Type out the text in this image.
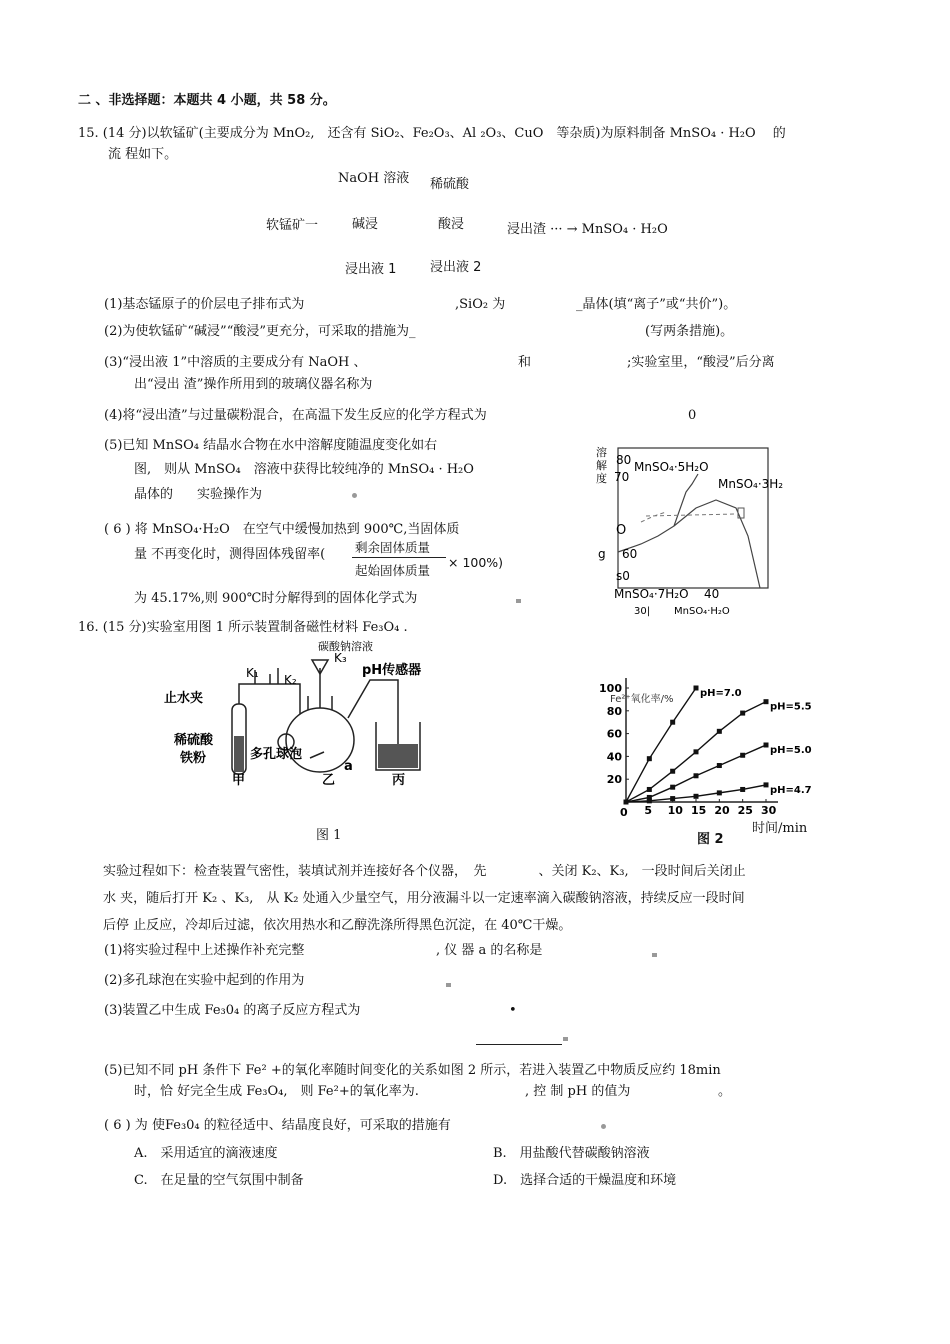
二 、非选择题：本题共 4 小题，共 58 分。
15. (14 分)以软锰矿(主要成分为 MnO₂,　还含有 SiO₂、Fe₂O₃、Al ₂O₃、CuO　等杂质)为原料制备 MnSO₄ · H₂O　 的
流 程如下。
NaOH 溶液 稀硫酸
软锰矿一	碱浸	酸浸	浸出渣 ··· → MnSO₄ · H₂O
浸出液 1	浸出液 2
(1)基态锰原子的价层电子排布式为	,SiO₂ 为	_晶体(填“离子”或“共价”)。
(2)为使软锰矿“碱浸”“酸浸”更充分，可采取的措施为_	(写两条措施)。
(3)“浸出液 1”中溶质的主要成分有 NaOH 、	和	;实验室里，“酸浸”后分离
出“浸出 渣”操作所用到的玻璃仪器名称为
(4)将“浸出渣”与过量碳粉混合，在高温下发生反应的化学方程式为	0
(5)已知 MnSO₄ 结晶水合物在水中溶解度随温度变化如右
图,　则从 MnSO₄　溶液中获得比较纯净的 MnSO₄ · H₂O
晶体的 实验操作为
( 6 ) 将 MnSO₄·H₂O　在空气中缓慢加热到 900℃,当固体质
量 不再变化时，测得固体残留率( 剩余固体质量
起始固体质量
× 100%)
为 45.17%,则 900℃时分解得到的固体化学式为
溶
解
度
80
70
O
g 60
s0
MnSO₄·5H₂O
MnSO₄·3H₂
MnSO₄·7H₂O 40
30| MnSO₄·H₂O
16. (15 分)实验室用图 1 所示装置制备磁性材料 Fe₃O₄ .
碳酸钠溶液
K₁ K₂
K₃
pH传感器
止水夹
稀硫酸
铁粉	多孔球泡
甲
a
乙	丙
图 1
Fe²⁺氧化率/%
0 5 10 15 20 25 30
20
40
60
80
100	pH=7.0
pH=5.5
pH=5.0
pH=4.7
时间/min
图 2
实验过程如下：检查装置气密性，装填试剂并连接好各个仪器，　先　　　　、关闭 K₂、K₃,　一段时间后关闭止
水 夹，随后打开 K₂ 、K₃,　从 K₂ 处通入少量空气，用分液漏斗以一定速率滴入碳酸钠溶液，持续反应一段时间
后停 止反应，冷却后过滤，依次用热水和乙醇洗涤所得黑色沉淀，在 40℃干燥。
(1)将实验过程中上述操作补充完整	, 仪 器 a 的名称是
(2)多孔球泡在实验中起到的作用为
(3)装置乙中生成 Fe₃0₄ 的离子反应方程式为	•
(5)已知不同 pH 条件下 Fe² +的氧化率随时间变化的关系如图 2 所示，若进入装置乙中物质反应约 18min
时，恰 好完全生成 Fe₃O₄,　则 Fe²+的氧化率为.	, 控 制 pH 的值为	。
( 6 ) 为 使Fe₃0₄ 的粒径适中、结晶度良好，可采取的措施有
A.　采用适宜的滴液速度	B.　用盐酸代替碳酸钠溶液
C.　在足量的空气氛围中制备	D.　选择合适的干燥温度和环境
